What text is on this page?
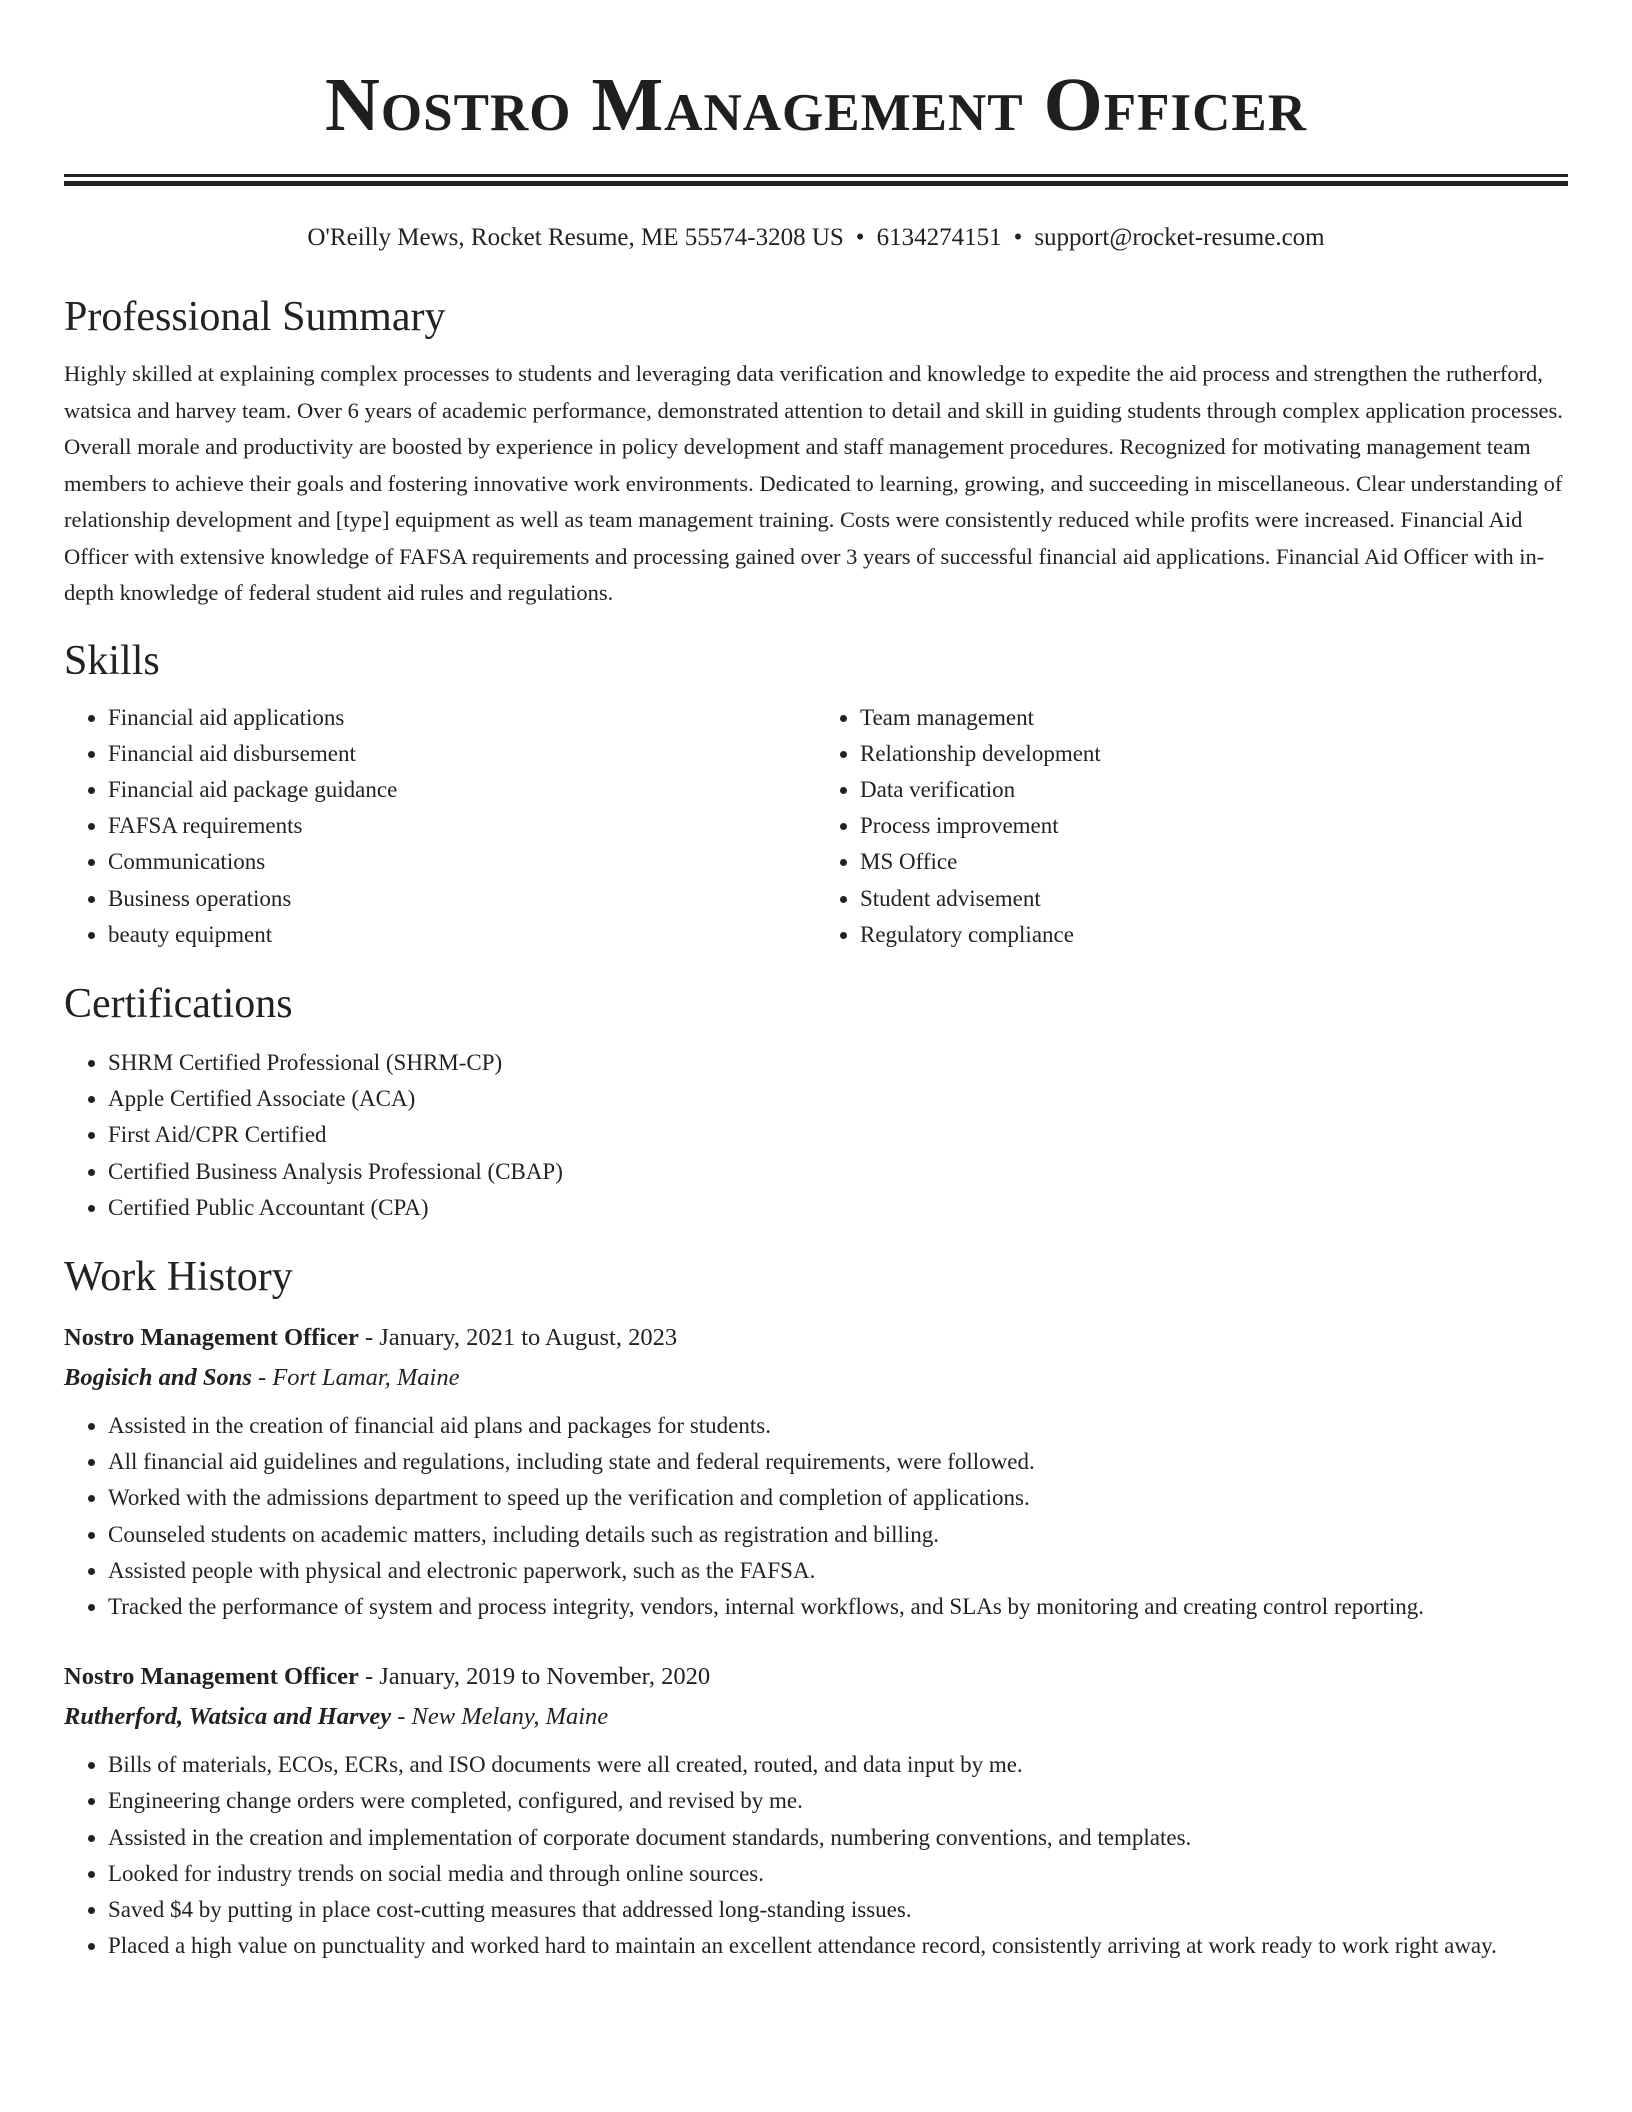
Nostro Management Officer
O'Reilly Mews, Rocket Resume, ME 55574-3208 US • 6134274151 • support@rocket-resume.com
Professional Summary

Highly skilled at explaining complex processes to students and leveraging data verification and knowledge to expedite the aid process and strengthen the rutherford, watsica and harvey team. Over 6 years of academic performance, demonstrated attention to detail and skill in guiding students through complex application processes. Overall morale and productivity are boosted by experience in policy development and staff management procedures. Recognized for motivating management team members to achieve their goals and fostering innovative work environments. Dedicated to learning, growing, and succeeding in miscellaneous. Clear understanding of relationship development and [type] equipment as well as team management training. Costs were consistently reduced while profits were increased. Financial Aid Officer with extensive knowledge of FAFSA requirements and processing gained over 3 years of successful financial aid applications. Financial Aid Officer with in-depth knowledge of federal student aid rules and regulations.

Skills
• Financial aid applications
• Financial aid disbursement
• Financial aid package guidance
• FAFSA requirements
• Communications
• Business operations
• beauty equipment
• Team management
• Relationship development
• Data verification
• Process improvement
• MS Office
• Student advisement
• Regulatory compliance
Certifications
• SHRM Certified Professional (SHRM-CP)
• Apple Certified Associate (ACA)
• First Aid/CPR Certified
• Certified Business Analysis Professional (CBAP)
• Certified Public Accountant (CPA)
Work History
Nostro Management Officer - January, 2021 to August, 2023
Bogisich and Sons - Fort Lamar, Maine
• Assisted in the creation of financial aid plans and packages for students.
• All financial aid guidelines and regulations, including state and federal requirements, were followed.
• Worked with the admissions department to speed up the verification and completion of applications.
• Counseled students on academic matters, including details such as registration and billing.
• Assisted people with physical and electronic paperwork, such as the FAFSA.
• Tracked the performance of system and process integrity, vendors, internal workflows, and SLAs by monitoring and creating control reporting.
Nostro Management Officer - January, 2019 to November, 2020
Rutherford, Watsica and Harvey - New Melany, Maine
• Bills of materials, ECOs, ECRs, and ISO documents were all created, routed, and data input by me.
• Engineering change orders were completed, configured, and revised by me.
• Assisted in the creation and implementation of corporate document standards, numbering conventions, and templates.
• Looked for industry trends on social media and through online sources.
• Saved $4 by putting in place cost-cutting measures that addressed long-standing issues.
• Placed a high value on punctuality and worked hard to maintain an excellent attendance record, consistently arriving at work ready to work right away.
